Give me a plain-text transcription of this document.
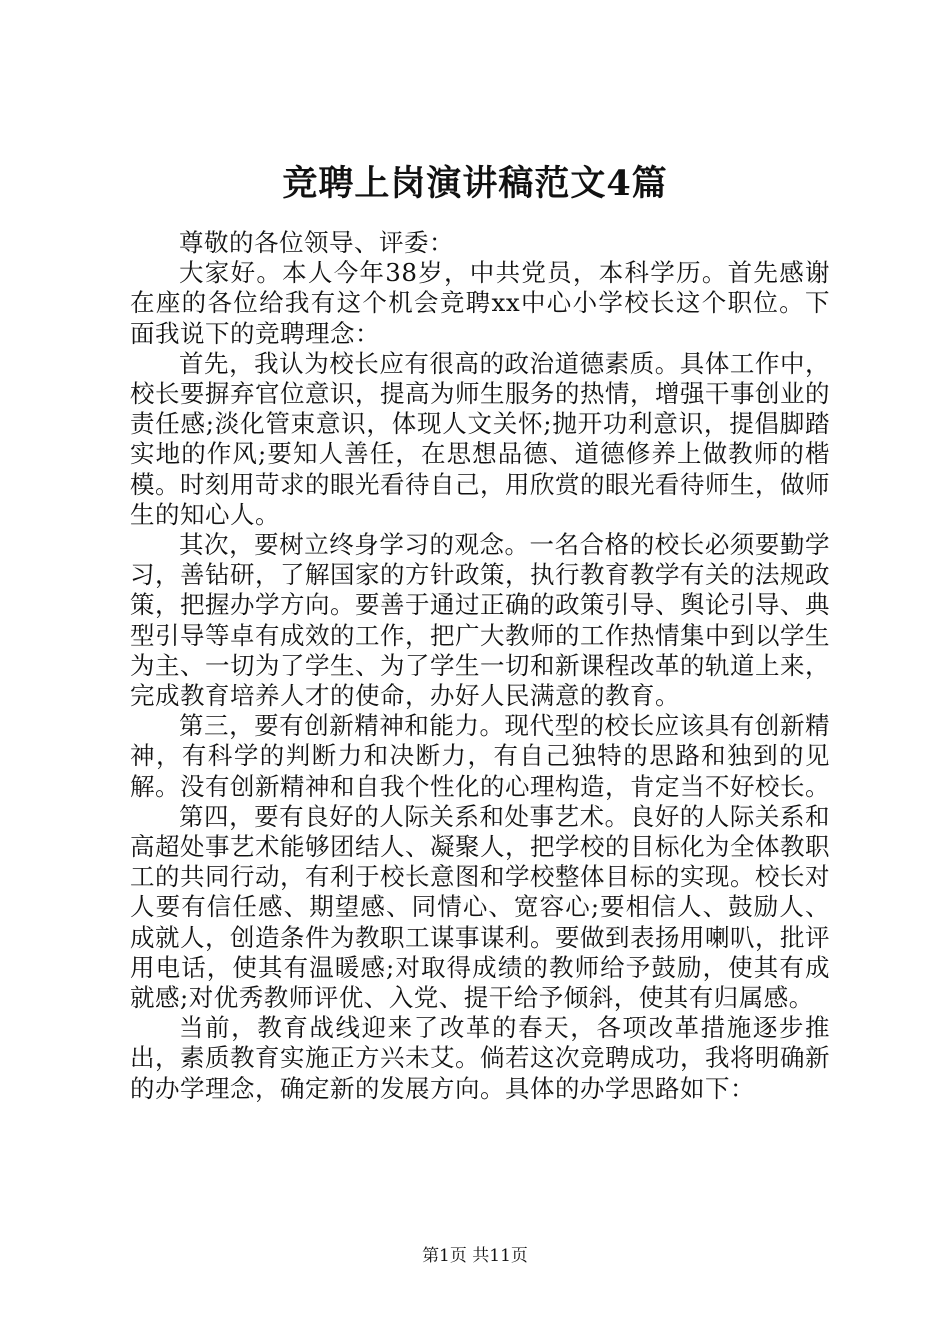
竞聘上岗演讲稿范文4篇

尊敬的各位领导、评委：

大家好。本人今年38岁，中共党员，本科学历。首先感谢在座的各位给我有这个机会竞聘xx中心小学校长这个职位。下面我说下的竞聘理念：

首先，我认为校长应有很高的政治道德素质。具体工作中，校长要摒弃官位意识，提高为师生服务的热情，增强干事创业的责任感;淡化管束意识，体现人文关怀;抛开功利意识，提倡脚踏实地的作风;要知人善任，在思想品德、道德修养上做教师的楷模。时刻用苛求的眼光看待自己，用欣赏的眼光看待师生，做师生的知心人。

其次，要树立终身学习的观念。一名合格的校长必须要勤学习，善钻研，了解国家的方针政策，执行教育教学有关的法规政策，把握办学方向。要善于通过正确的政策引导、舆论引导、典型引导等卓有成效的工作，把广大教师的工作热情集中到以学生为主、一切为了学生、为了学生一切和新课程改革的轨道上来，完成教育培养人才的使命，办好人民满意的教育。

第三，要有创新精神和能力。现代型的校长应该具有创新精神，有科学的判断力和决断力，有自己独特的思路和独到的见解。没有创新精神和自我个性化的心理构造，肯定当不好校长。

第四，要有良好的人际关系和处事艺术。良好的人际关系和高超处事艺术能够团结人、凝聚人，把学校的目标化为全体教职工的共同行动，有利于校长意图和学校整体目标的实现。校长对人要有信任感、期望感、同情心、宽容心;要相信人、鼓励人、成就人，创造条件为教职工谋事谋利。要做到表扬用喇叭，批评用电话，使其有温暖感;对取得成绩的教师给予鼓励，使其有成就感;对优秀教师评优、入党、提干给予倾斜，使其有归属感。

当前，教育战线迎来了改革的春天，各项改革措施逐步推出，素质教育实施正方兴未艾。倘若这次竞聘成功，我将明确新的办学理念，确定新的发展方向。具体的办学思路如下：

第1页 共11页
